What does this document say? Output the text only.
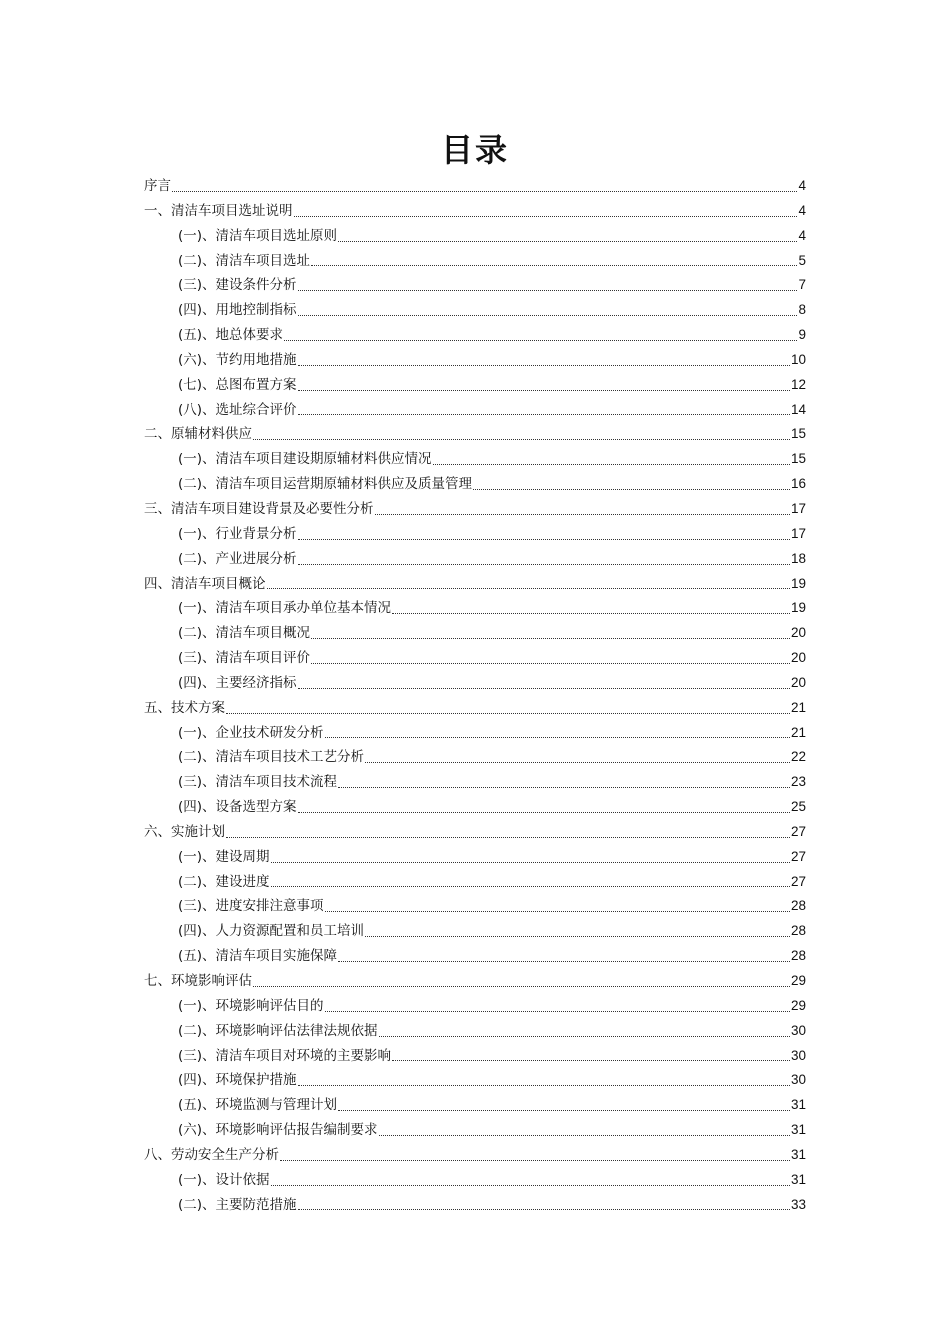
目录
序言	4
一、清洁车项目选址说明	4
(一)、清洁车项目选址原则	4
(二)、清洁车项目选址	5
(三)、建设条件分析	7
(四)、用地控制指标	8
(五)、地总体要求	9
(六)、节约用地措施	10
(七)、总图布置方案	12
(八)、选址综合评价	14
二、原辅材料供应	15
(一)、清洁车项目建设期原辅材料供应情况	15
(二)、清洁车项目运营期原辅材料供应及质量管理	16
三、清洁车项目建设背景及必要性分析	17
(一)、行业背景分析	17
(二)、产业进展分析	18
四、清洁车项目概论	19
(一)、清洁车项目承办单位基本情况	19
(二)、清洁车项目概况	20
(三)、清洁车项目评价	20
(四)、主要经济指标	20
五、技术方案	21
(一)、企业技术研发分析	21
(二)、清洁车项目技术工艺分析	22
(三)、清洁车项目技术流程	23
(四)、设备选型方案	25
六、实施计划	27
(一)、建设周期	27
(二)、建设进度	27
(三)、进度安排注意事项	28
(四)、人力资源配置和员工培训	28
(五)、清洁车项目实施保障	28
七、环境影响评估	29
(一)、环境影响评估目的	29
(二)、环境影响评估法律法规依据	30
(三)、清洁车项目对环境的主要影响	30
(四)、环境保护措施	30
(五)、环境监测与管理计划	31
(六)、环境影响评估报告编制要求	31
八、劳动安全生产分析	31
(一)、设计依据	31
(二)、主要防范措施	33
